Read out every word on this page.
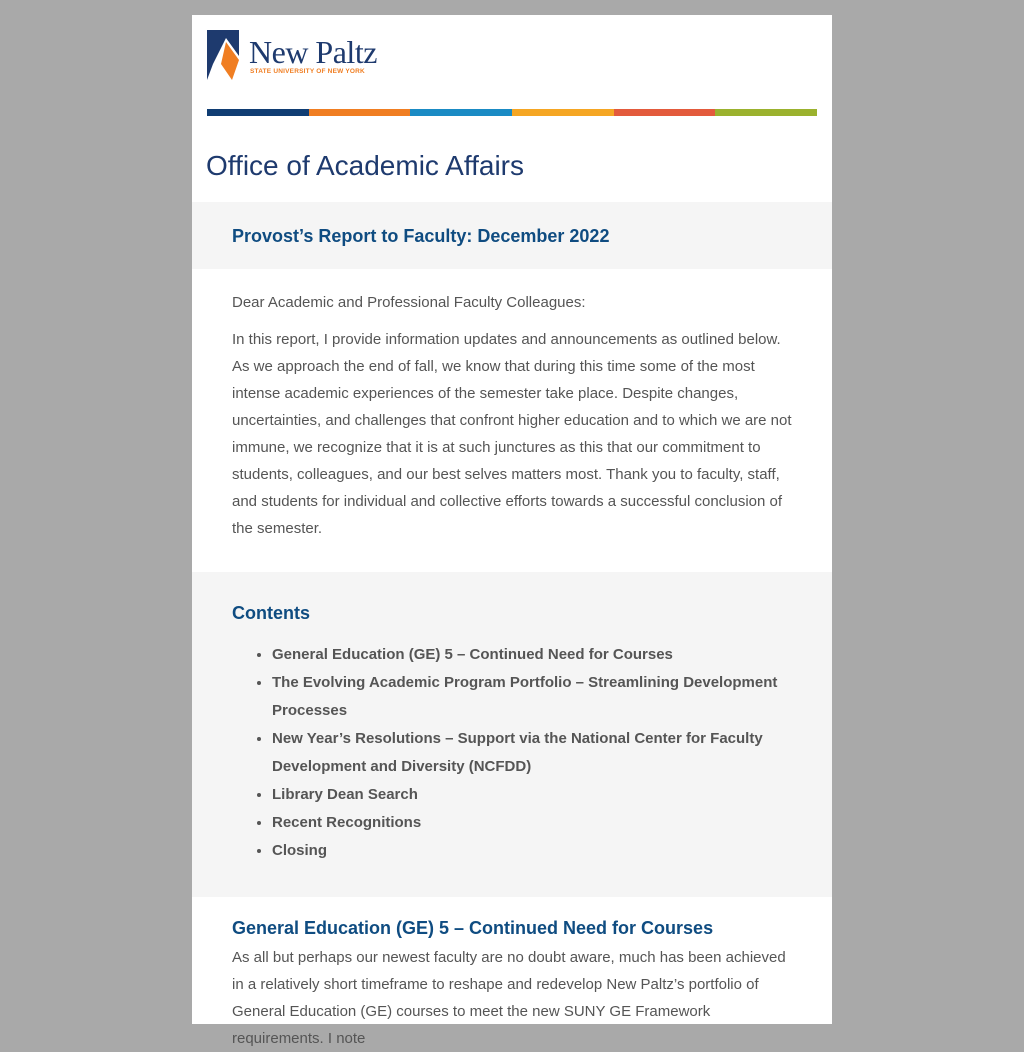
New Paltz
STATE UNIVERSITY OF NEW YORK
Office of Academic Affairs
Provost’s Report to Faculty: December 2022
Dear Academic and Professional Faculty Colleagues:

In this report, I provide information updates and announcements as outlined below. As we approach the end of fall, we know that during this time some of the most intense academic experiences of the semester take place. Despite changes, uncertainties, and challenges that confront higher education and to which we are not immune, we recognize that it is at such junctures as this that our commitment to students, colleagues, and our best selves matters most. Thank you to faculty, staff, and students for individual and collective efforts towards a successful conclusion of the semester.

Contents
• General Education (GE) 5 – Continued Need for Courses
• The Evolving Academic Program Portfolio – Streamlining Development Processes
• New Year’s Resolutions – Support via the National Center for Faculty Development and Diversity (NCFDD)
• Library Dean Search
• Recent Recognitions
• Closing
General Education (GE) 5 – Continued Need for Courses

As all but perhaps our newest faculty are no doubt aware, much has been achieved in a relatively short timeframe to reshape and redevelop New Paltz’s portfolio of General Education (GE) courses to meet the new SUNY GE Framework requirements. I note
